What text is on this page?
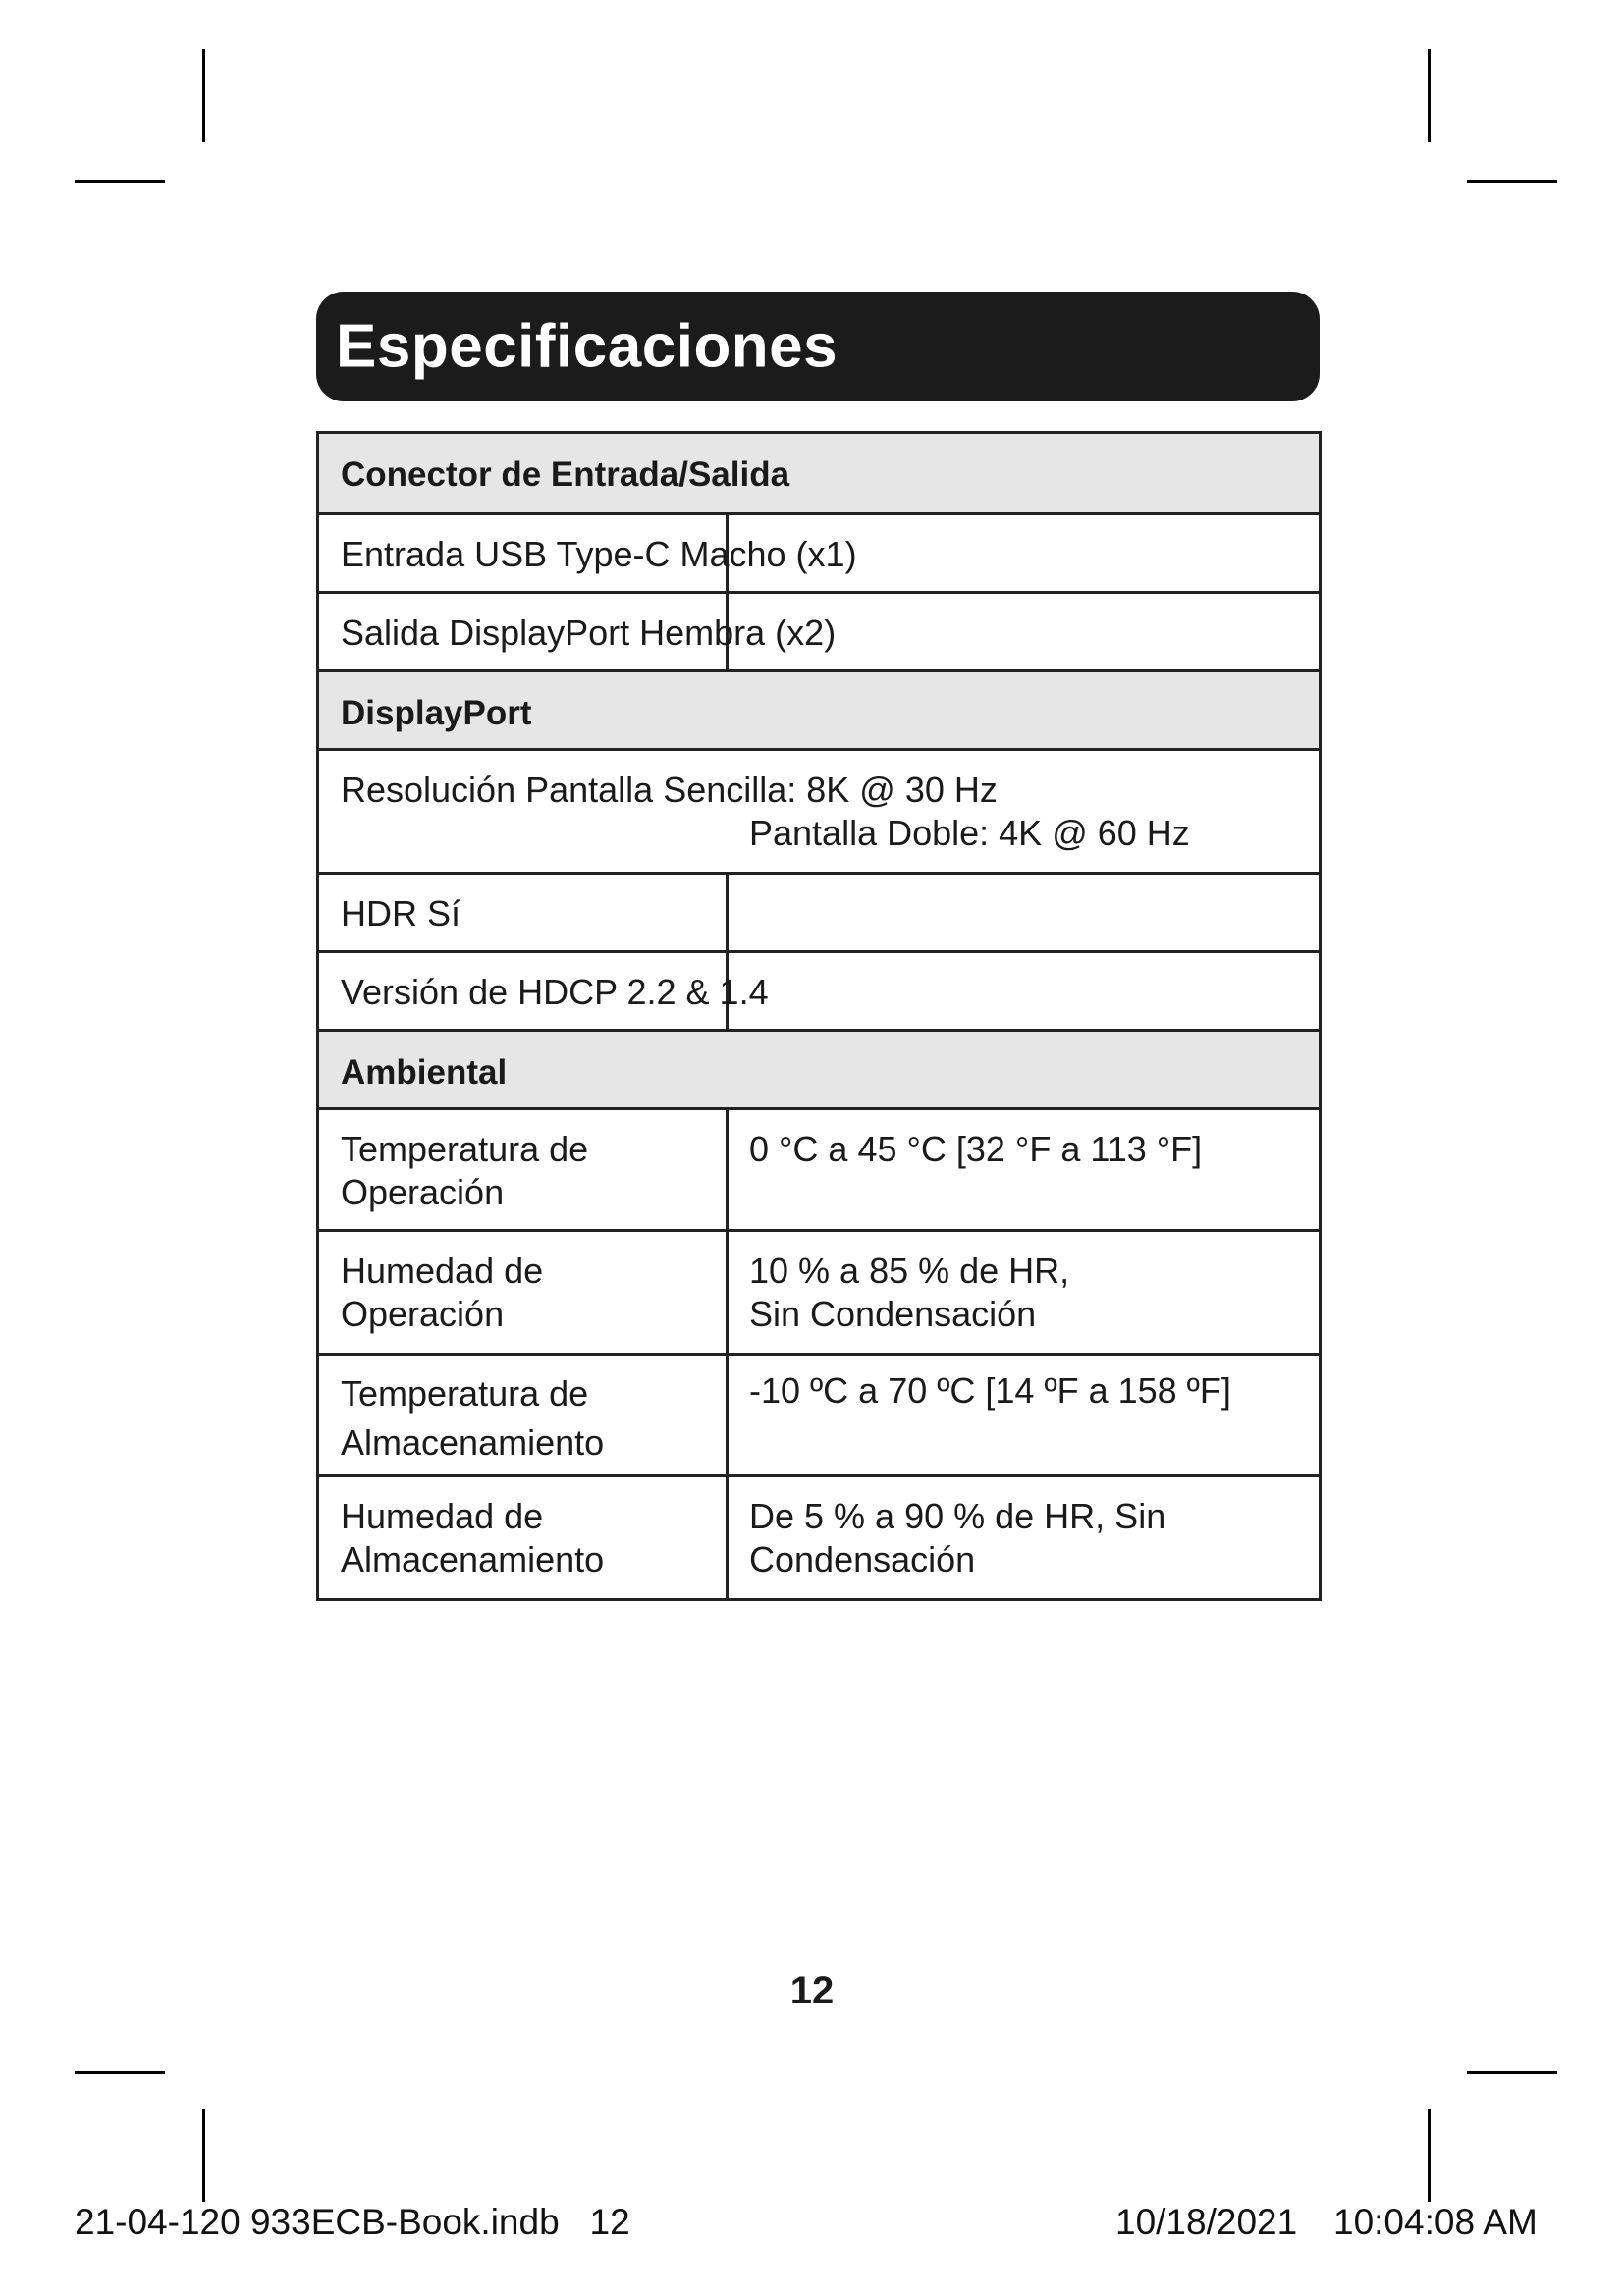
Especificaciones
Conector de Entrada/Salida
Entrada USB Type-C Macho (x1)
Salida DisplayPort Hembra (x2)
DisplayPort
Resolución Pantalla Sencilla: 8K @ 30 Hz
Pantalla Doble: 4K @ 60 Hz
HDR Sí
Versión de HDCP 2.2 & 1.4
Ambiental
Temperatura de
Operación
0 °C a 45 °C [32 °F a 113 °F]
Humedad de
Operación
10 % a 85 % de HR,
Sin Condensación
Temperatura de
Almacenamiento
-10 ºC a 70 ºC [14 ºF a 158 ºF]
Humedad de
Almacenamiento
De 5 % a 90 % de HR, Sin
Condensación
12
21-04-120 933ECB-Book.indb   12	10/18/2021 10:04:08 AM
